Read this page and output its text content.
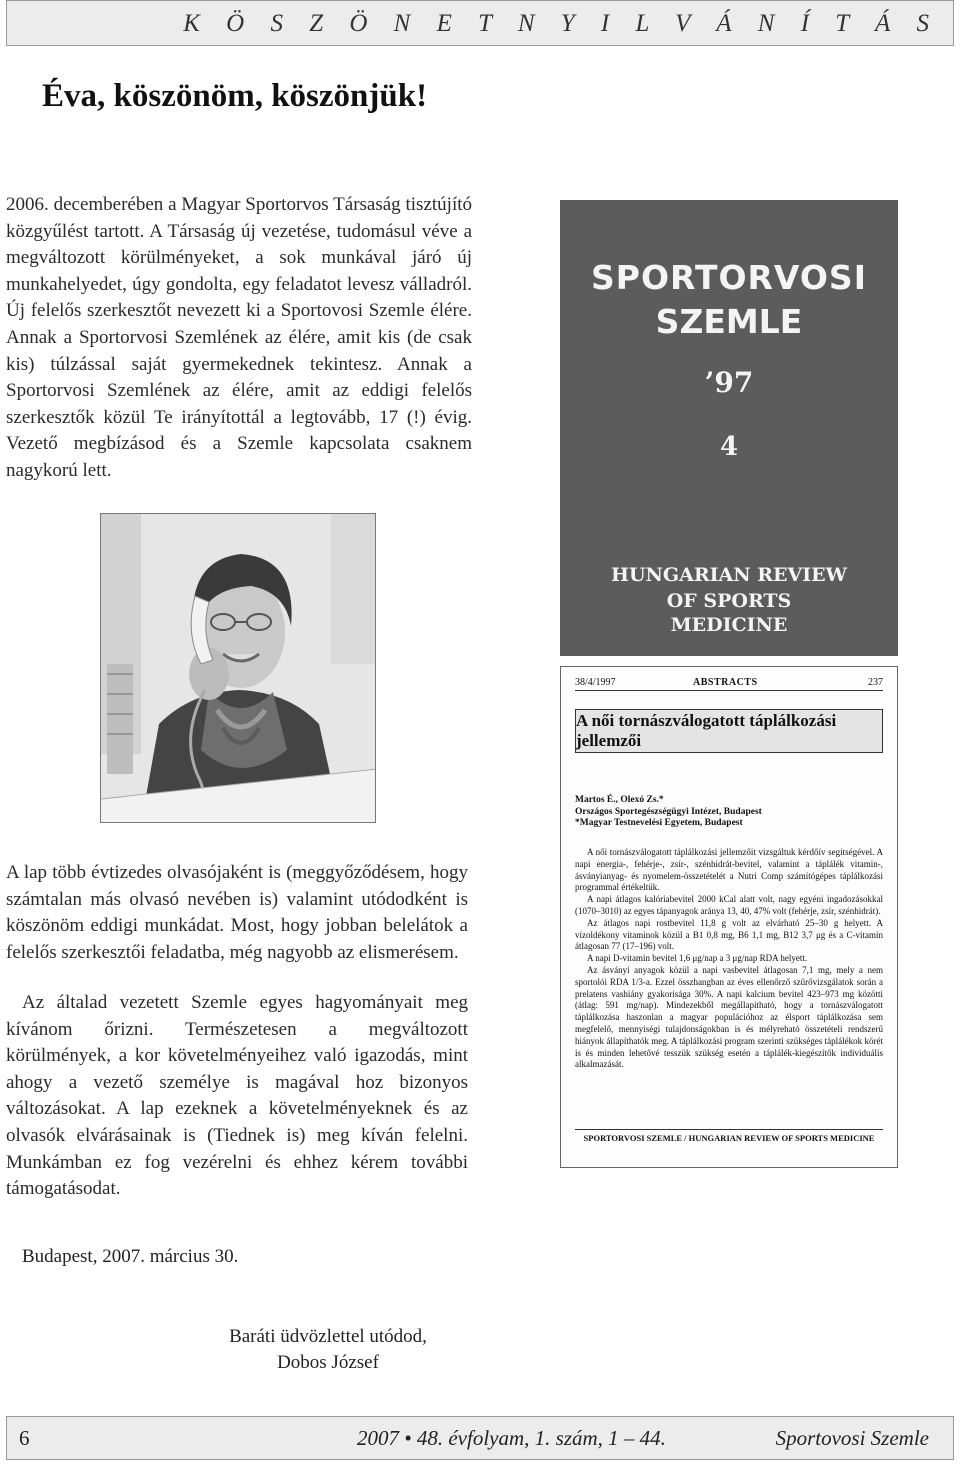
K Ö S Z Ö N E T N Y I L V Á N Í T Á S
Éva, köszönöm, köszönjük!

2006. decemberében a Magyar Sportorvos Társaság tisztújító közgyűlést tartott. A Társaság új vezetése, tudomásul véve a megváltozott körülményeket, a sok munkával járó új munkahelyedet, úgy gondolta, egy feladatot levesz válladról. Új felelős szerkesztőt nevezett ki a Sportovosi Szemle élére. Annak a Sportorvosi Szemlének az élére, amit kis (de csak kis) túlzással saját gyermekednek tekintesz. Annak a Sportorvosi Szemlének az élére, amit az eddigi felelős szerkesztők közül Te irányítottál a legtovább, 17 (!) évig. Vezető megbízásod és a Szemle kapcsolata csaknem nagykorú lett.

SPORTORVOSI
SZEMLE
’97
4
HUNGARIAN REVIEW
OF SPORTS
MEDICINE
38/4/1997	ABSTRACTS	237
A női tornászválogatott táplálkozási jellemzői
Martos É., Olexó Zs.*
Országos Sportegészségügyi Intézet, Budapest
*Magyar Testnevelési Egyetem, Budapest

A női tornászválogatott táplálkozási jellemzőit vizsgáltuk kérdőív segítségével. A napi energia-, fehérje-, zsír-, szénhidrát-bevitel, valamint a táplálék vitamin-, ásványianyag- és nyomelem-összetételét a Nutri Comp számítógépes táplálkozási programmal értékeltük.

A napi átlagos kalóriabevitel 2000 kCal alatt volt, nagy egyéni ingadozásokkal (1070–3010) az egyes tápanyagok aránya 13, 40, 47% volt (fehérje, zsír, szénhidrát).

Az átlagos napi rostbevitel 11,8 g volt az elvárható 25–30 g helyett. A vízoldékony vitaminok közül a B1 0,8 mg, B6 1,1 mg, B12 3,7 μg és a C-vitamin átlagosan 77 (17–196) volt.

A napi D-vitamin bevitel 1,6 μg/nap a 3 μg/nap RDA helyett.

Az ásványi anyagok közül a napi vasbevitel átlagosan 7,1 mg, mely a nem sportolói RDA 1/3-a. Ezzel összhangban az éves ellenőrző szűrővizsgálatok során a prelatens vashiány gyakorisága 30%. A napi kalcium bevitel 423–973 mg közötti (átlag: 591 mg/nap). Mindezekből megállapítható, hogy a tornászválogatott táplálkozása haszonlan a magyar populációhoz az élsport táplálkozása sem megfelelő, mennyiségi tulajdonságokban is és mélyreható összetételi rendszerű hiányok állapíthatók meg. A táplálkozási program szerinti szükséges táplálékok körét is és minden lehetővé tesszük szükség esetén a táplálék-kiegészítők individuális alkalmazását.

SPORTORVOSI SZEMLE / HUNGARIAN REVIEW OF SPORTS MEDICINE

A lap több évtizedes olvasójaként is (meggyőződésem, hogy számtalan más olvasó nevében is) valamint utódodként is köszönöm eddigi munkádat. Most, hogy jobban belelátok a felelős szerkesztői feladatba, még nagyobb az elismerésem.

Az általad vezetett Szemle egyes hagyományait meg kívánom őrizni. Természetesen a megváltozott körülmények, a kor követelményeihez való igazodás, mint ahogy a vezető személye is magával hoz bizonyos változásokat. A lap ezeknek a követelményeknek és az olvasók elvárásainak is (Tiednek is) meg kíván felelni. Munkámban ez fog vezérelni és ehhez kérem további támogatásodat.

Budapest, 2007. március 30.
Baráti üdvözlettel utódod,
Dobos József
6	2007 • 48. évfolyam, 1. szám, 1 – 44.	Sportovosi Szemle
